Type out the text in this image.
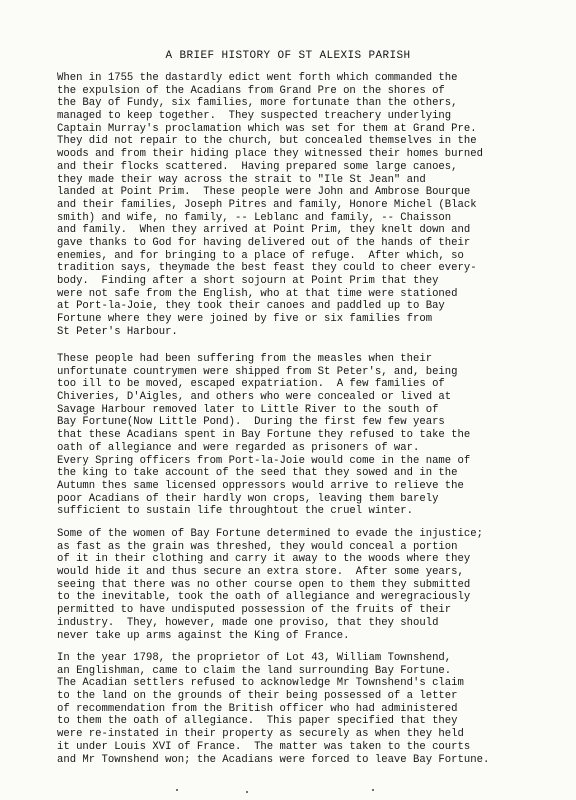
A BRIEF HISTORY OF ST ALEXIS PARISH
When in 1755 the dastardly edict went forth which commanded the
the expulsion of the Acadians from Grand Pre on the shores of
the Bay of Fundy, six families, more fortunate than the others,
managed to keep together.  They suspected treachery underlying
Captain Murray's proclamation which was set for them at Grand Pre.
They did not repair to the church, but concealed themselves in the
woods and from their hiding place they witnessed their homes burned
and their flocks scattered.  Having prepared some large canoes,
they made their way across the strait to "Ile St Jean" and
landed at Point Prim.  These people were John and Ambrose Bourque
and their families, Joseph Pitres and family, Honore Michel (Black
smith) and wife, no family, -- Leblanc and family, -- Chaisson
and family.  When they arrived at Point Prim, they knelt down and
gave thanks to God for having delivered out of the hands of their
enemies, and for bringing to a place of refuge.  After which, so
tradition says, theymade the best feast they could to cheer every-
body.  Finding after a short sojourn at Point Prim that they
were not safe from the English, who at that time were stationed
at Port-la-Joie, they took their canoes and paddled up to Bay
Fortune where they were joined by five or six families from
St Peter's Harbour.
These people had been suffering from the measles when their
unfortunate countrymen were shipped from St Peter's, and, being
too ill to be moved, escaped expatriation.  A few families of
Chiveries, D'Aigles, and others who were concealed or lived at
Savage Harbour removed later to Little River to the south of
Bay Fortune(Now Little Pond).  During the first few few years
that these Acadians spent in Bay Fortune they refused to take the
oath of allegiance and were regarded as prisoners of war.
Every Spring officers from Port-la-Joie would come in the name of
the king to take account of the seed that they sowed and in the
Autumn thes same licensed oppressors would arrive to relieve the
poor Acadians of their hardly won crops, leaving them barely
sufficient to sustain life throughtout the cruel winter.
Some of the women of Bay Fortune determined to evade the injustice;
as fast as the grain was threshed, they would conceal a portion
of it in their clothing and carry it away to the woods where they
would hide it and thus secure an extra store.  After some years,
seeing that there was no other course open to them they submitted
to the inevitable, took the oath of allegiance and weregraciously
permitted to have undisputed possession of the fruits of their
industry.  They, however, made one proviso, that they should
never take up arms against the King of France.
In the year 1798, the proprietor of Lot 43, William Townshend,
an Englishman, came to claim the land surrounding Bay Fortune.
The Acadian settlers refused to acknowledge Mr Townshend's claim
to the land on the grounds of their being possessed of a letter
of recommendation from the British officer who had administered
to them the oath of allegiance.  This paper specified that they
were re-instated in their property as securely as when they held
it under Louis XVI of France.  The matter was taken to the courts
and Mr Townshend won; the Acadians were forced to leave Bay Fortune.
